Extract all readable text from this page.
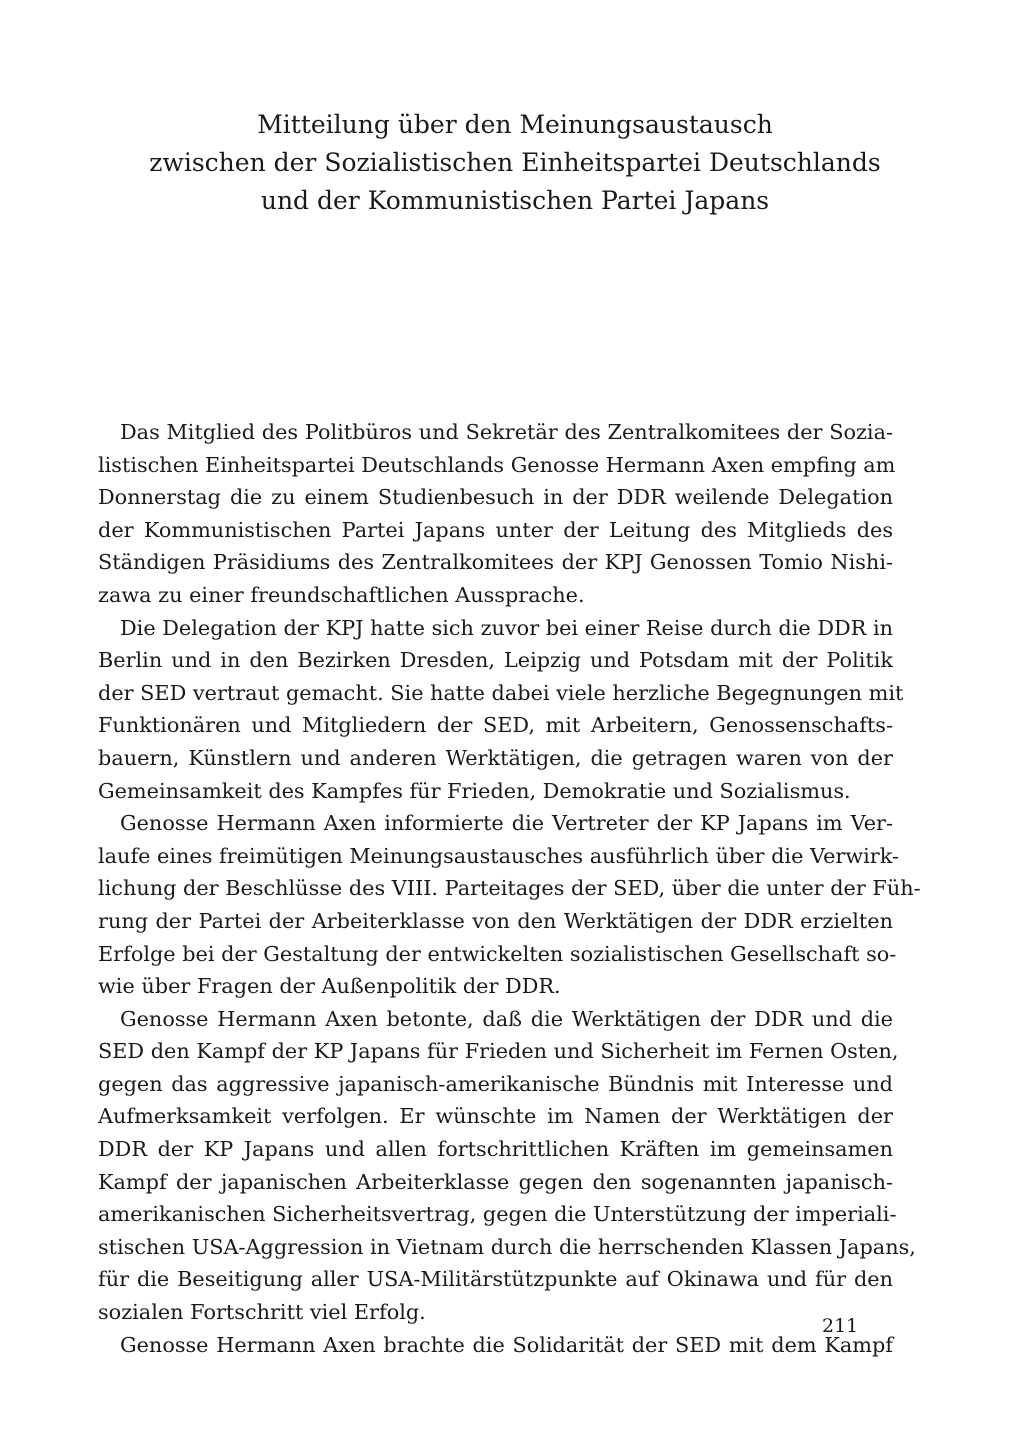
Mitteilung über den Meinungsaustausch
zwischen der Sozialistischen Einheitspartei Deutschlands
und der Kommunistischen Partei Japans

Das Mitglied des Politbüros und Sekretär des Zentralkomitees der Sozia-
listischen Einheitspartei Deutschlands Genosse Hermann Axen empfing am
Donnerstag die zu einem Studienbesuch in der DDR weilende Delegation
der Kommunistischen Partei Japans unter der Leitung des Mitglieds des
Ständigen Präsidiums des Zentralkomitees der KPJ Genossen Tomio Nishi-
zawa zu einer freundschaftlichen Aussprache.

Die Delegation der KPJ hatte sich zuvor bei einer Reise durch die DDR in
Berlin und in den Bezirken Dresden, Leipzig und Potsdam mit der Politik
der SED vertraut gemacht. Sie hatte dabei viele herzliche Begegnungen mit
Funktionären und Mitgliedern der SED, mit Arbeitern, Genossenschafts-
bauern, Künstlern und anderen Werktätigen, die getragen waren von der
Gemeinsamkeit des Kampfes für Frieden, Demokratie und Sozialismus.

Genosse Hermann Axen informierte die Vertreter der KP Japans im Ver-
laufe eines freimütigen Meinungsaustausches ausführlich über die Verwirk-
lichung der Beschlüsse des VIII. Parteitages der SED, über die unter der Füh-
rung der Partei der Arbeiterklasse von den Werktätigen der DDR erzielten
Erfolge bei der Gestaltung der entwickelten sozialistischen Gesellschaft so-
wie über Fragen der Außenpolitik der DDR.

Genosse Hermann Axen betonte, daß die Werktätigen der DDR und die
SED den Kampf der KP Japans für Frieden und Sicherheit im Fernen Osten,
gegen das aggressive japanisch-amerikanische Bündnis mit Interesse und
Aufmerksamkeit verfolgen. Er wünschte im Namen der Werktätigen der
DDR der KP Japans und allen fortschrittlichen Kräften im gemeinsamen
Kampf der japanischen Arbeiterklasse gegen den sogenannten japanisch-
amerikanischen Sicherheitsvertrag, gegen die Unterstützung der imperiali-
stischen USA-Aggression in Vietnam durch die herrschenden Klassen Japans,
für die Beseitigung aller USA-Militärstützpunkte auf Okinawa und für den
sozialen Fortschritt viel Erfolg.

Genosse Hermann Axen brachte die Solidarität der SED mit dem Kampf

211
